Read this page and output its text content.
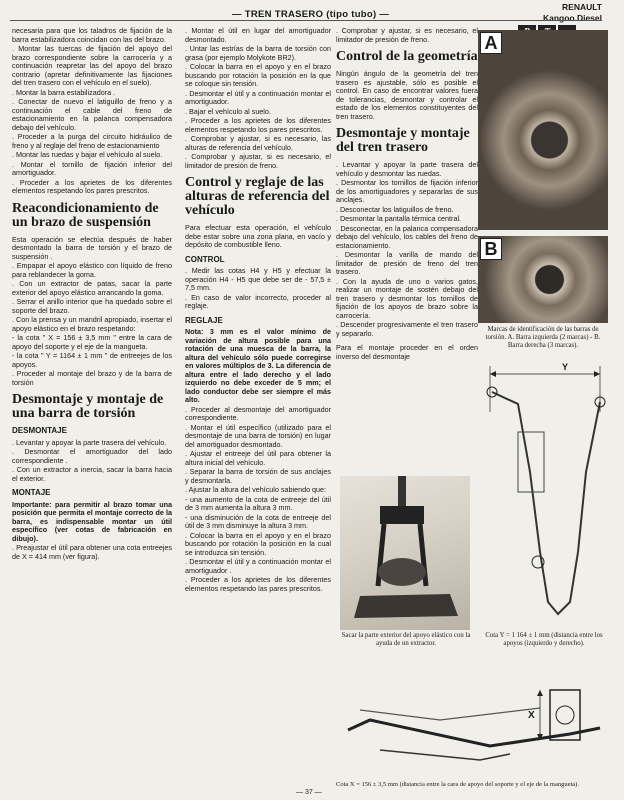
— TREN TRASERO (tipo tubo) —
RENAULT
Kangoo Diesel

necesaria para que los taladros de fijación de la barra estabilizadora coincidan con las del brazo.

. Montar las tuercas de fijación del apoyo del brazo correspondiente sobre la carrocería y a continuación reapretar las del apoyo del brazo contrario (apretar definitivamente las fijaciones del tren trasero con el vehículo en el suelo).

. Montar la barra estabilizadora .

. Conectar de nuevo el latiguillo de freno y a continuación el cable del freno de estacionamiento en la palanca compensadora debajo del vehículo.

. Proceder a la purga del circuito hidráulico de freno y al reglaje del freno de estacionamiento

. Montar las ruedas y bajar el vehículo al suelo.

. Montar el tornillo de fijación inferior del amortiguador.

. Proceder a los aprietes de los diferentes elementos respetando los pares prescritos.

Reacondicionamiento de un brazo de suspensión

Esta operación se efectúa después de haber desmontado la barra de torsión y el brazo de suspensión .

. Empapar el apoyo elástico con líquido de freno para reblandecer la goma.

. Con un extractor de patas, sacar la parte exterior del apoyo elástico arrancando la goma.

. Serrar el anillo interior que ha quedado sobre el soporte del brazo.

. Con la prensa y un mandril apropiado, insertar el apoyo elástico en el brazo respetando:

- la cota " X = 156 ± 3,5 mm " entre la cara de apoyo del soporte y el eje de la mangueta.

- la cota " Y = 1164 ± 1 mm " de entreejes de los apoyos.

. Proceder al montaje del brazo y de la barra de torsión

Desmontaje y montaje de una barra de torsión
DESMONTAJE

. Levantar y apoyar la parte trasera del vehículo.

. Desmontar el amortiguador del lado correspondiente .

. Con un extractor a inercia, sacar la barra hacia el exterior.

MONTAJE

Importante: para permitir al brazo tomar una posición que permita el montaje correcto de la barra, es indispensable montar un útil específico (ver cotas de fabricación en dibujo).

. Preajustar el útil para obtener una cota entreejes de X = 414 mm (ver figura).

. Montar el útil en lugar del amortiguador desmontado.

. Untar las estrías de la barra de torsión con grasa (por ejemplo Molykote BR2).

. Colocar la barra en el apoyo y en el brazo buscando por rotación la posición en la que se coloque sin tensión.

. Desmontar el útil y a continuación montar el amortiguador.

. Bajar el vehículo al suelo.

. Proceder a los aprietes de los diferentes elementos respetando los pares prescritos.

. Comprobar y ajustar, si es necesario, las alturas de referencia del vehículo.

. Comprobar y ajustar, si es necesario, el limitador de presión de freno.

Control y reglaje de las alturas de referencia del vehículo

Para efectuar esta operación, el vehículo debe estar sobre una zona plana, en vacío y depósito de combustible lleno.

CONTROL

. Medir las cotas H4 y H5 y efectuar la operación H4 - H5 que debe ser de - 57,5 ± 7,5 mm.

. En caso de valor incorrecto, proceder al reglaje.

REGLAJE

Nota: 3 mm es el valor mínimo de variación de altura posible para una rotación de una muesca de la barra, la altura del vehículo sólo puede corregirse en valores múltiplos de 3. La diferencia de altura entre el lado derecho y el lado izquierdo no debe exceder de 5 mm; el lado conductor debe ser siempre el más alto.

. Proceder al desmontaje del amortiguador correspondiente.

. Montar el útil específico (utilizado para el desmontaje de una barra de torsión) en lugar del amortiguador desmontado.

. Ajustar el entreeje del útil para obtener la altura inicial del vehículo.

. Separar la barra de torsión de sus anclajes y desmontarla.

. Ajustar la altura del vehículo sabiendo que:

- una aumento de la cota de entreeje del útil de 3 mm aumenta la altura 3 mm.

- una disminución de la cota de entreeje del útil de 3 mm disminuye la altura 3 mm.

. Colocar la barra en el apoyo y en el brazo buscando por rotación la posición en la cual se introduzca sin tensión.

. Desmontar el útil y a continuación montar el amortiguador .

. Proceder a los aprietes de los diferentes elementos respetando las pares prescritos.

. Comprobar y ajustar, si es necesario, el limitador de presión de freno.

Control de la geometría

Ningún ángulo de la geometría del tren trasero es ajustable, sólo es posible el control. En caso de encontrar valores fuera de tolerancias, desmontar y controlar el estado de los elementos constituyentes del tren trasero.

Desmontaje y montaje del tren trasero

. Levantar y apoyar la parte trasera del vehículo y desmontar las ruedas.

. Desmontar los tornillos de fijación inferior de los amortiguadores y separarlas de sus anclajes.

. Desconectar los latiguillos de freno.

. Desmontar la pantalla térmica central.

. Desconectar, en la palanca compensadora debajo del vehículo, los cables del freno de estacionamiento.

. Desmontar la varilla de mando del limitador de presión de freno del tren trasero.

. Con la ayuda de uno o varios gatos, realizar un montaje de sostén debajo del tren trasero y desmontar los tornillos de fijación de los apoyos de brazo sobre la carrocería.

. Descender progresivamente el tren trasero y separarlo.

Para el montaje proceder en el orden inverso del desmontaje

A
B
Marcas de identificación de las barras de torsión. A. Barra izquierda (2 marcas) - B. Barra derecha (3 marcas).
Y
Cota Y = 1 164 ± 1 mm (distancia entre los apoyos (izquierdo y derecho).
Sacar la parte exterior del apoyo elástico con la ayuda de un extractor.
X
Cota X = 156 ± 3,5 mm (distancia entre la cara de apoyo del soporte y el eje de la mangueta).
— 37 —
